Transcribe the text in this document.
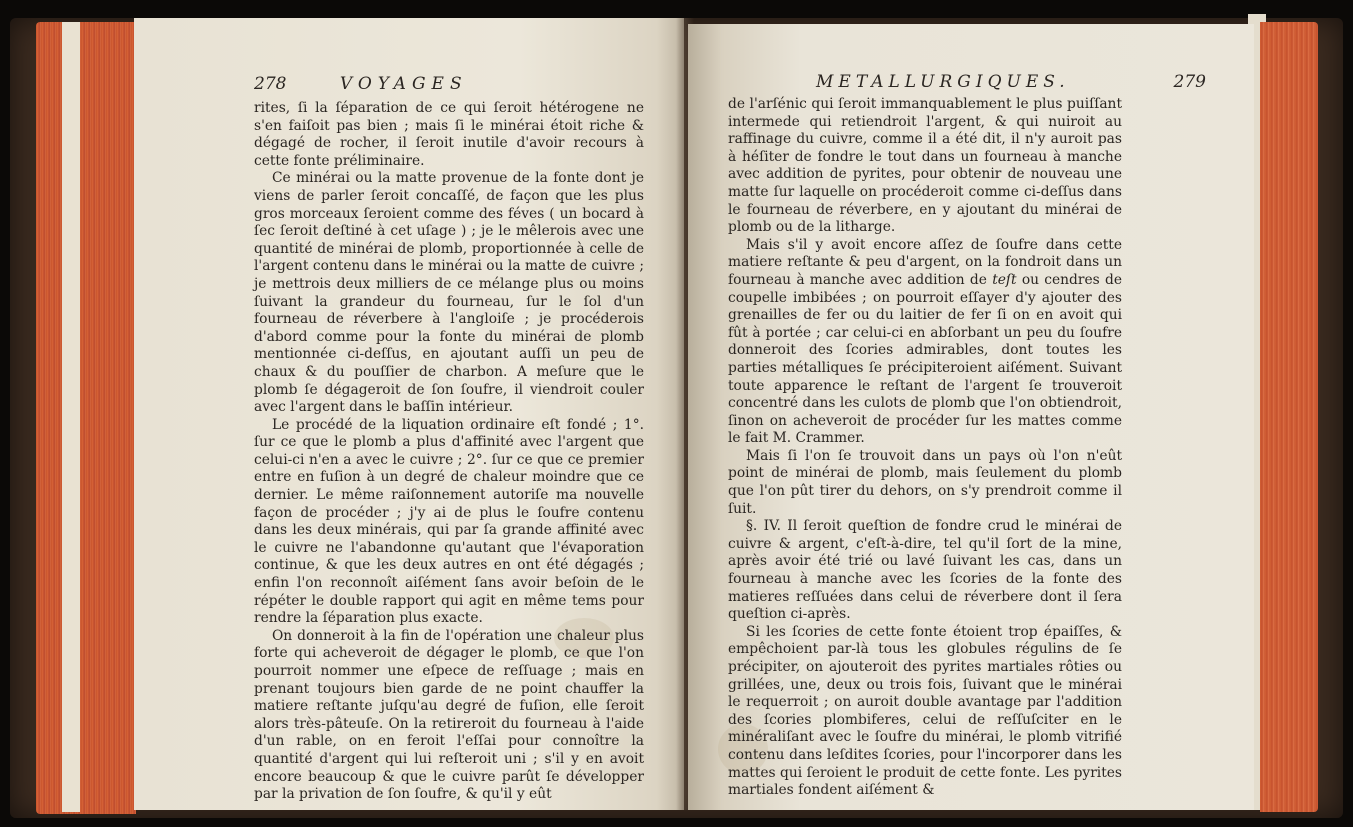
278	VOYAGES

rites, ſi la ſéparation de ce qui ſeroit hétérogene ne s'en faiſoit pas bien ; mais ſi le minérai étoit riche & dégagé de rocher, il ſeroit inutile d'avoir recours à cette fonte préliminaire.

Ce minérai ou la matte provenue de la fonte dont je viens de parler ſeroit concaſſé, de façon que les plus gros morceaux ſeroient comme des féves ( un bocard à ſec ſeroit deſtiné à cet uſage ) ; je le mêlerois avec une quantité de minérai de plomb, proportionnée à celle de l'argent contenu dans le minérai ou la matte de cuivre ; je mettrois deux milliers de ce mélange plus ou moins ſuivant la grandeur du fourneau, ſur le ſol d'un fourneau de réverbere à l'angloiſe ; je procéderois d'abord comme pour la fonte du minérai de plomb mentionnée ci-deſſus, en ajoutant auſſi un peu de chaux & du pouſſier de charbon. A meſure que le plomb ſe dégageroit de ſon ſoufre, il viendroit couler avec l'argent dans le baſſin intérieur.

Le procédé de la liquation ordinaire eſt fondé ; 1°. ſur ce que le plomb a plus d'affinité avec l'argent que celui-ci n'en a avec le cuivre ; 2°. ſur ce que ce premier entre en fuſion à un degré de chaleur moindre que ce dernier. Le même raiſonnement autoriſe ma nouvelle façon de procéder ; j'y ai de plus le ſoufre contenu dans les deux minérais, qui par ſa grande affinité avec le cuivre ne l'abandonne qu'autant que l'évaporation continue, & que les deux autres en ont été dégagés ; enfin l'on reconnoît aiſément ſans avoir beſoin de le répéter le double rapport qui agit en même tems pour rendre la ſéparation plus exacte.

On donneroit à la fin de l'opération une chaleur plus forte qui acheveroit de dégager le plomb, ce que l'on pourroit nommer une eſpece de reſſuage ; mais en prenant toujours bien garde de ne point chauffer la matiere reſtante juſqu'au degré de fuſion, elle ſeroit alors très-pâteuſe. On la retireroit du fourneau à l'aide d'un rable, on en feroit l'eſſai pour connoître la quantité d'argent qui lui reſteroit uni ; s'il y en avoit encore beaucoup & que le cuivre parût ſe développer par la privation de ſon ſoufre, & qu'il y eût

METALLURGIQUES.	279

de l'arſénic qui ſeroit immanquablement le plus puiſſant intermede qui retiendroit l'argent, & qui nuiroit au raffinage du cuivre, comme il a été dit, il n'y auroit pas à héſiter de fondre le tout dans un fourneau à manche avec addition de pyrites, pour obtenir de nouveau une matte ſur laquelle on procéderoit comme ci-deſſus dans le fourneau de réverbere, en y ajoutant du minérai de plomb ou de la litharge.

Mais s'il y avoit encore aſſez de ſoufre dans cette matiere reſtante & peu d'argent, on la fondroit dans un fourneau à manche avec addition de teſt ou cendres de coupelle imbibées ; on pourroit eſſayer d'y ajouter des grenailles de fer ou du laitier de fer ſi on en avoit qui fût à portée ; car celui-ci en abſorbant un peu du ſoufre donneroit des ſcories admirables, dont toutes les parties métalliques ſe précipiteroient aiſément. Suivant toute apparence le reſtant de l'argent ſe trouveroit concentré dans les culots de plomb que l'on obtiendroit, ſinon on acheveroit de procéder ſur les mattes comme le fait M. Crammer.

Mais ſi l'on ſe trouvoit dans un pays où l'on n'eût point de minérai de plomb, mais ſeulement du plomb que l'on pût tirer du dehors, on s'y prendroit comme il ſuit.

§. IV. Il ſeroit queſtion de fondre crud le minérai de cuivre & argent, c'eſt-à-dire, tel qu'il ſort de la mine, après avoir été trié ou lavé ſuivant les cas, dans un fourneau à manche avec les ſcories de la fonte des matieres reſſuées dans celui de réverbere dont il ſera queſtion ci-après.

Si les ſcories de cette fonte étoient trop épaiſſes, & empêchoient par-là tous les globules régulins de ſe précipiter, on ajouteroit des pyrites martiales rôties ou grillées, une, deux ou trois fois, ſuivant que le minérai le requerroit ; on auroit double avantage par l'addition des ſcories plombiferes, celui de reſſuſciter en le minéraliſant avec le ſoufre du minérai, le plomb vitrifié contenu dans leſdites ſcories, pour l'incorporer dans les mattes qui ſeroient le produit de cette fonte. Les pyrites martiales fondent aiſément &
